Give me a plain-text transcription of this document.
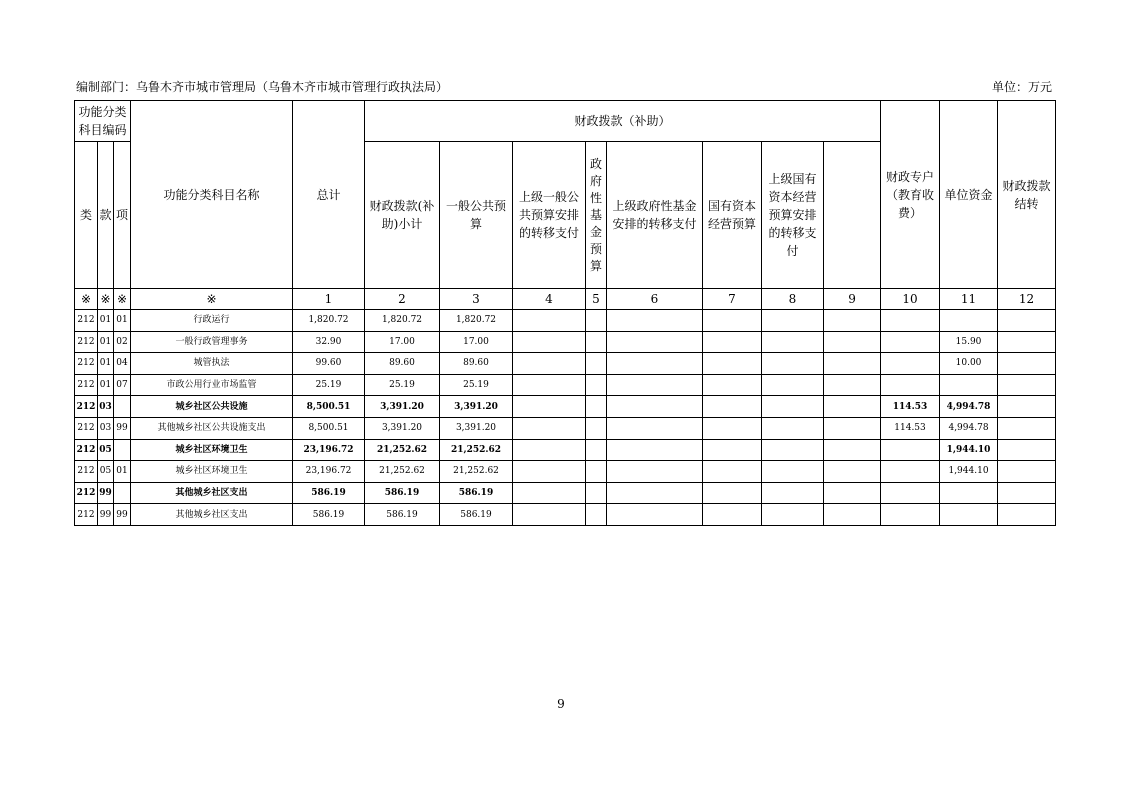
编制部门：乌鲁木齐市城市管理局（乌鲁木齐市城市管理行政执法局）	单位：万元
功能分类科目编码			功能分类科目名称	总计	财政拨款（补助）								财政专户（教育收费）	单位资金	财政拨款结转	
类	款	项			财政拨款(补助)小计	一般公共预算	上级一般公共预算安排的转移支付	政府性基金预算	上级政府性基金安排的转移支付	国有资本经营预算	上级国有资本经营预算安排的转移支付					
※	※	※	※	1	2	3	4	5	6	7	8	9	10	11	12	
212	01	01	行政运行	1,820.72	1,820.72	1,820.72										
212	01	02	一般行政管理事务	32.90	17.00	17.00								15.90		
212	01	04	城管执法	99.60	89.60	89.60								10.00		
212	01	07	市政公用行业市场监管	25.19	25.19	25.19										
212	03		城乡社区公共设施	8,500.51	3,391.20	3,391.20							114.53	4,994.78		
212	03	99	其他城乡社区公共设施支出	8,500.51	3,391.20	3,391.20							114.53	4,994.78		
212	05		城乡社区环境卫生	23,196.72	21,252.62	21,252.62								1,944.10		
212	05	01	城乡社区环境卫生	23,196.72	21,252.62	21,252.62								1,944.10		
212	99		其他城乡社区支出	586.19	586.19	586.19										
212	99	99	其他城乡社区支出	586.19	586.19	586.19										
9
